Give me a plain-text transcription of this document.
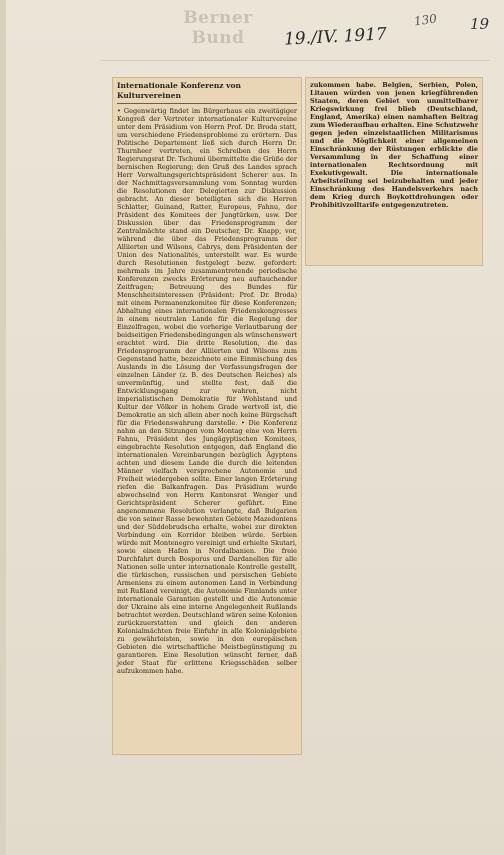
Berner Bund	19./IV. 1917
130 19
Internationale Konferenz von Kulturvereinen

• Gegenwärtig findet im Bürgerhaus ein zweitägiger Kongreß der Vertreter internationaler Kulturvereine unter dem Präsidium von Herrn Prof. Dr. Broda statt, um verschiedene Friedensprobleme zu erörtern. Das Politische Departement ließ sich durch Herrn Dr. Thurnheer vertreten, ein Schreiben des Herrn Regierungsrat Dr. Tschumi übermittelte die Grüße der bernischen Regierung; den Gruß des Landes sprach Herr Verwaltungsgerichtspräsident Scherer aus. In der Nachmittagsversammlung vom Sonntag wurden die Resolutionen der Delegierten zur Diskussion gebracht. An dieser beteiligten sich die Herren Schlatter, Guinand, Ratter, Europeus, Fahnu, der Präsident des Komitees der Jungtürken, usw. Der Diskussion über das Friedensprogramm der Zentralmächte stand ein Deutscher, Dr. Knapp, vor, während die über das Friedensprogramm der Alliierten und Wilsons, Cabrys, dem Präsidenten der Union des Nationalités, unterstellt war. Es wurde durch Resolutionen festgelegt bezw. gefordert: mehrmals im Jahre zusammentretende periodische Konferenzen zwecks Erörterung neu auftauchender Zeitfragen; Betreuung des Bundes für Menschheitsinteressen (Präsident: Prof. Dr. Broda) mit einem Permanenzkomitee für diese Konferenzen; Abhaltung eines internationalen Friedenskongresses in einem neutralen Lande für die Regelung der Einzelfragen, wobei die vorherige Verlautbarung der beidseitigen Friedensbedingungen als wünschenswert erachtet wird. Die dritte Resolution, die das Friedensprogramm der Alliierten und Wilsons zum Gegenstand hatte, bezeichnete eine Einmischung des Auslands in die Lösung der Verfassungsfragen der einzelnen Länder (z. B. des Deutschen Reiches) als unvermünftig, und stellte fest, daß die Entwicklungsgang zur wahren, nicht imperialistischen Demokratie für Wohlstand und Kultur der Völker in hohem Grade wertvoll ist, die Demokratie an sich allein aber noch keine Bürgschaft für die Friedenswahrung darstelle. • Die Konferenz nahm an den Sitzungen vom Montag eine von Herrn Fahnu, Präsident des Jungägyptischen Komitees, eingebrachte Resolution entgegen, daß England die internationalen Vereinbarungen bezüglich Ägyptens achten und diesem Lande die durch die leitenden Männer vielfach versprochene Autonomie und Freiheit wiedergeben sollte. Einer langen Erörterung riefen die Balkanfragen. Das Präsidium wurde abwechselnd von Herrn Kantonsrat Wenger und Gerichtspräsident Scherer geführt. Eine angenommene Resolution verlangte, daß Bulgarien die von seiner Rasse bewohnten Gebiete Mazedoniens und der Süddobrudscha erhalte, wobei zur direkten Verbindung ein Korridor bleiben würde. Serbien würde mit Montenegro vereinigt und erhielte Skutari, sowie einen Hafen in Nordalbanien. Die freie Durchfahrt durch Bosporus und Dardanellen für alle Nationen solle unter internationale Kontrolle gestellt, die türkischen, russischen und persischen Gebiete Armeniens zu einem autonomen Land in Verbindung mit Rußland vereinigt, die Autonomie Finnlands unter internationale Garantien gestellt und die Autonomie der Ukraine als eine interne Angelegenheit Rußlands betrachtet werden. Deutschland wären seine Kolonien zurückzuerstatten und gleich den anderen Kolonialmächten freie Einfuhr in alle Kolonialgebiete zu gewährleisten, sowie in den europäischen Gebieten die wirtschaftliche Meistbegünstigung zu garantieren. Eine Resolution wünscht ferner, daß jeder Staat für erlittene Kriegsschäden selber aufzukommen habe.

zukommen habe. Belgien, Serbien, Polen, Litauen würden von jenen kriegführenden Staaten, deren Gebiet von unmittelbarer Kriegswirkung frei blieb (Deutschland, England, Amerika) einen namhaften Beitrag zum Wiederaufbau erhalten. Eine Schutzwehr gegen jeden einzelstaatlichen Militarismus und die Möglichkeit einer allgemeinen Einschränkung der Rüstungen erblickte die Versammlung in der Schaffung einer internationalen Rechtsordnung mit Exekutivgewalt. Die internationale Arbeitsteilung sei beizubehalten und jeder Einschränkung des Handelsverkehrs nach dem Krieg durch Boykottdrohungen oder Prohibitivzolltarife entgegenzutreten.
